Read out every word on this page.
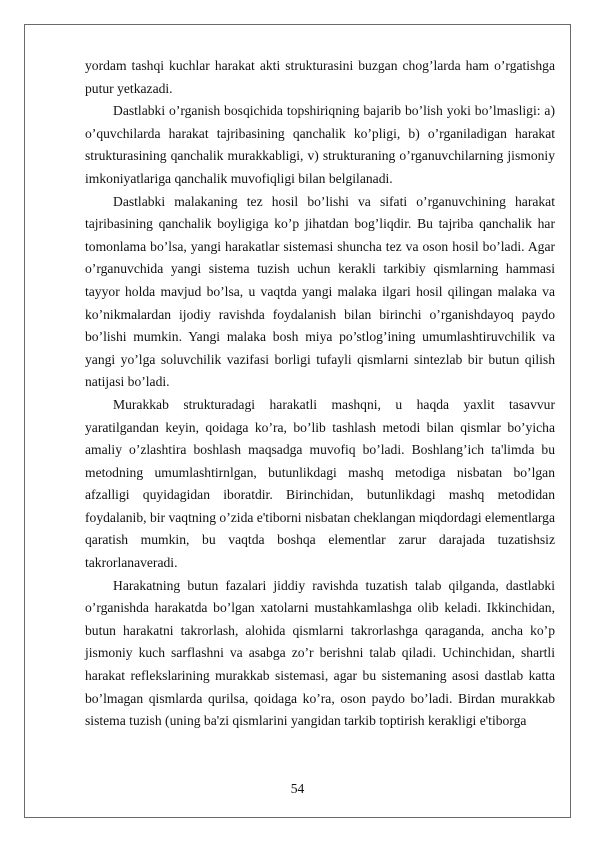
yordam tashqi kuchlar harakat akti strukturasini buzgan chog’larda ham o’rgatishga putur yetkazadi.

Dastlabki o’rganish bosqichida topshiriqning bajarib bo’lish yoki bo’lmasligi: a) o’quvchilarda harakat tajribasining qanchalik ko’pligi, b) o’rganiladigan harakat strukturasining qanchalik murakkabligi, v) strukturaning o’rganuvchilarning jismoniy imkoniyatlariga qanchalik muvofiqligi bilan belgilanadi.

Dastlabki malakaning tez hosil bo’lishi va sifati o’rganuvchining harakat tajribasining qanchalik boyligiga ko’p jihatdan bog’liqdir. Bu tajriba qanchalik har tomonlama bo’lsa, yangi harakatlar sistemasi shuncha tez va oson hosil bo’ladi. Agar o’rganuvchida yangi sistema tuzish uchun kerakli tarkibiy qismlarning hammasi tayyor holda mavjud bo’lsa, u vaqtda yangi malaka ilgari hosil qilingan malaka va ko’nikmalardan ijodiy ravishda foydalanish bilan birinchi o’rganishdayoq paydo bo’lishi mumkin. Yangi malaka bosh miya po’stlog’ining umumlashtiruvchilik va yangi yo’lga soluvchilik vazifasi borligi tufayli qismlarni sintezlab bir butun qilish natijasi bo’ladi.

Murakkab strukturadagi harakatli mashqni, u haqda yaxlit tasavvur yaratilgandan keyin, qoidaga ko’ra, bo’lib tashlash metodi bilan qismlar bo’yicha amaliy o’zlashtira boshlash maqsadga muvofiq bo’ladi. Boshlang’ich ta'limda bu metodning umumlashtirnlgan, butunlikdagi mashq metodiga nisbatan bo’lgan afzalligi quyidagidan iboratdir. Birinchidan, butunlikdagi mashq metodidan foydalanib, bir vaqtning o’zida e'tiborni nisbatan cheklangan miqdordagi elementlarga qaratish mumkin, bu vaqtda boshqa elementlar zarur darajada tuzatishsiz takrorlanaveradi.

Harakatning butun fazalari jiddiy ravishda tuzatish talab qilganda, dastlabki o’rganishda harakatda bo’lgan xatolarni mustahkamlashga olib keladi. Ikkinchidan, butun harakatni takrorlash, alohida qismlarni takrorlashga qaraganda, ancha ko’p jismoniy kuch sarflashni va asabga zo’r berishni talab qiladi. Uchinchidan, shartli harakat reflekslarining murakkab sistemasi, agar bu sistemaning asosi dastlab katta bo’lmagan qismlarda qurilsa, qoidaga ko’ra, oson paydo bo’ladi. Birdan murakkab sistema tuzish (uning ba'zi qismlarini yangidan tarkib toptirish kerakligi e'tiborga

54
